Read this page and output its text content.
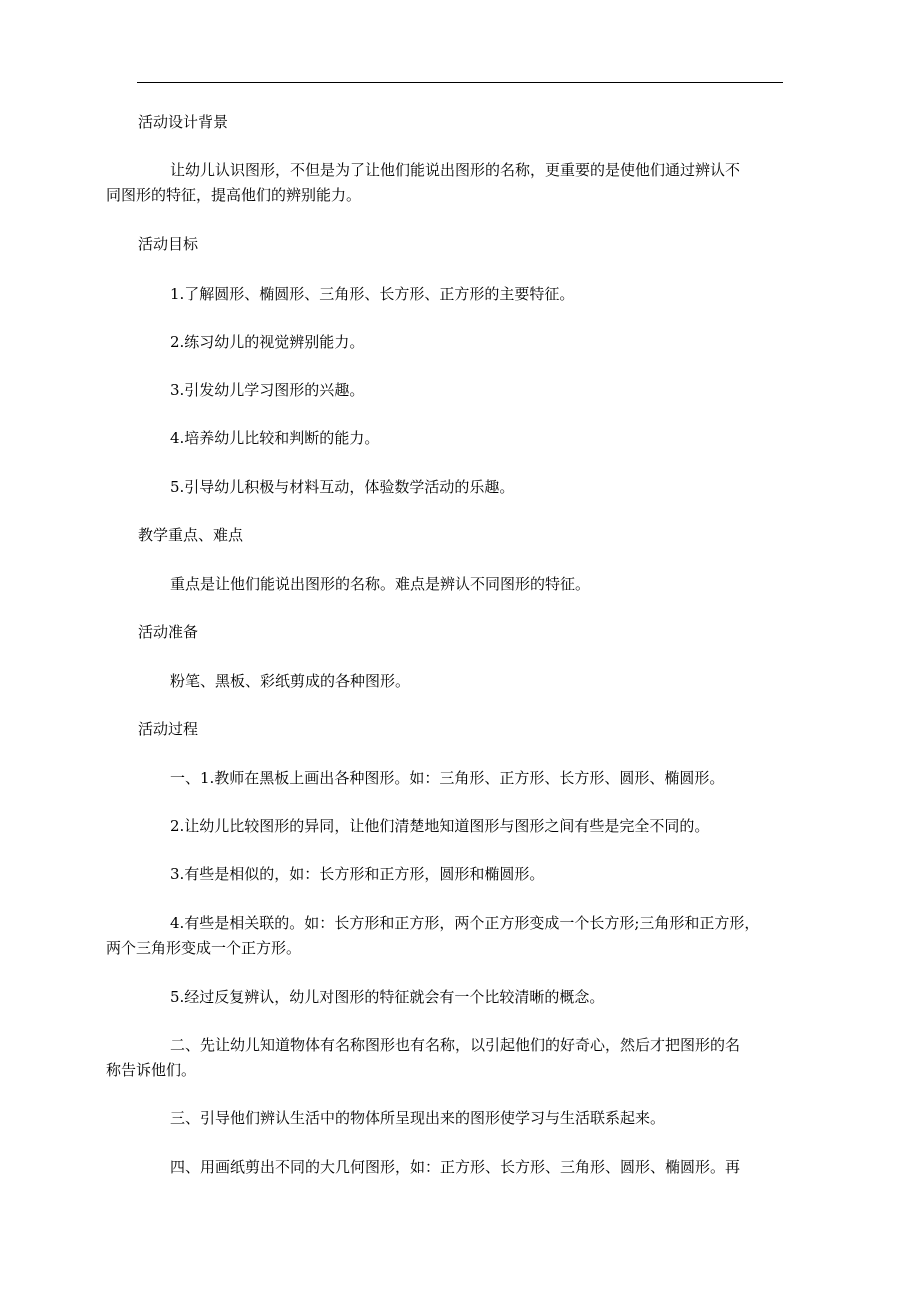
活动设计背景

让幼儿认识图形，不但是为了让他们能说出图形的名称，更重要的是使他们通过辨认不
同图形的特征，提高他们的辨别能力。

活动目标

1.了解圆形、椭圆形、三角形、长方形、正方形的主要特征。

2.练习幼儿的视觉辨别能力。

3.引发幼儿学习图形的兴趣。

4.培养幼儿比较和判断的能力。

5.引导幼儿积极与材料互动，体验数学活动的乐趣。

教学重点、难点

重点是让他们能说出图形的名称。难点是辨认不同图形的特征。

活动准备

粉笔、黑板、彩纸剪成的各种图形。

活动过程

一、1.教师在黑板上画出各种图形。如：三角形、正方形、长方形、圆形、椭圆形。

2.让幼儿比较图形的异同，让他们清楚地知道图形与图形之间有些是完全不同的。

3.有些是相似的，如：长方形和正方形，圆形和椭圆形。

4.有些是相关联的。如：长方形和正方形，两个正方形变成一个长方形;三角形和正方形，
两个三角形变成一个正方形。

5.经过反复辨认，幼儿对图形的特征就会有一个比较清晰的概念。

二、先让幼儿知道物体有名称图形也有名称，以引起他们的好奇心，然后才把图形的名
称告诉他们。

三、引导他们辨认生活中的物体所呈现出来的图形使学习与生活联系起来。

四、用画纸剪出不同的大几何图形，如：正方形、长方形、三角形、圆形、椭圆形。再
